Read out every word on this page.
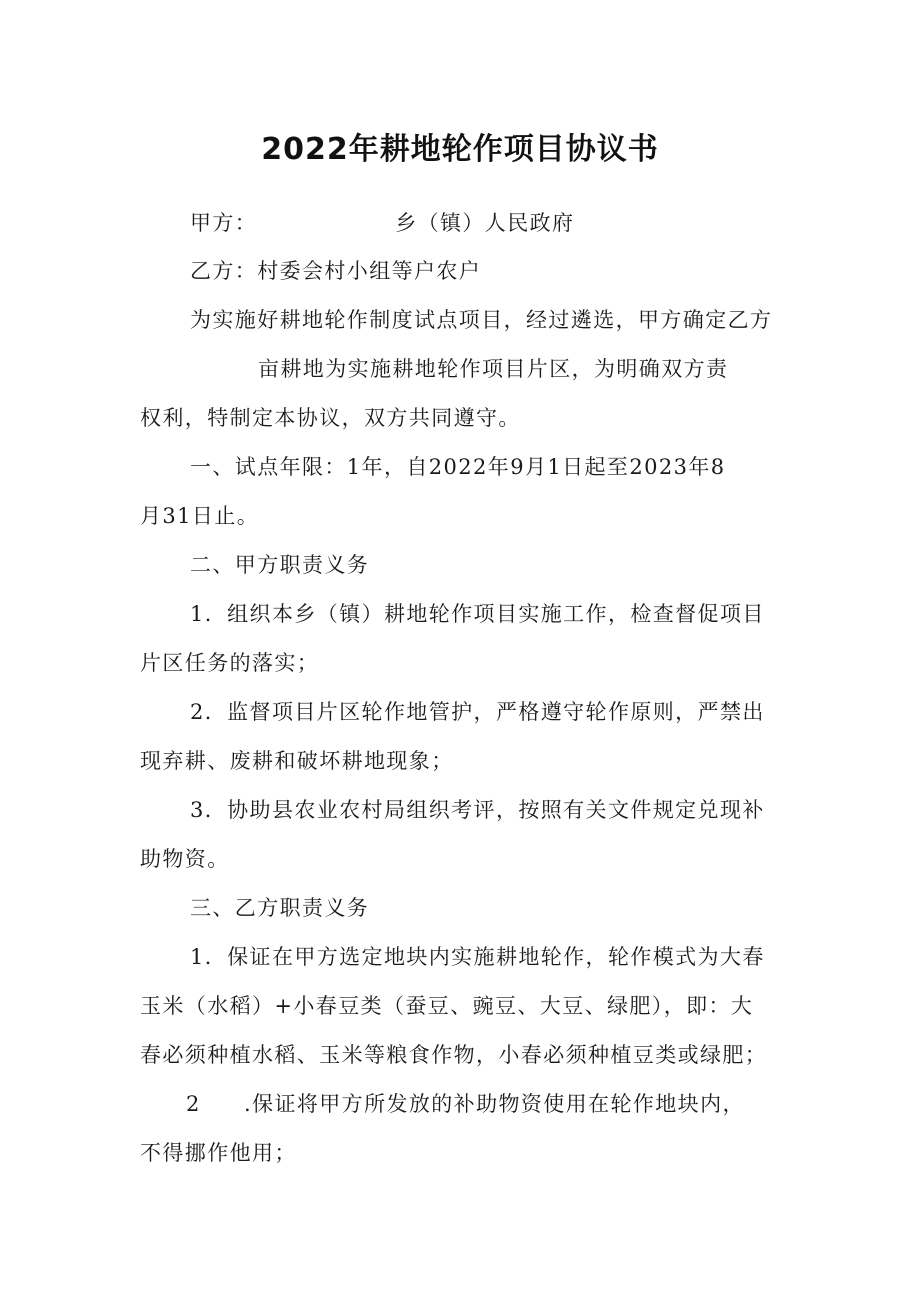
2022年耕地轮作项目协议书
甲方：	乡（镇）人民政府
乙方：村委会村小组等户农户
为实施好耕地轮作制度试点项目，经过遴选，甲方确定乙方
亩耕地为实施耕地轮作项目片区，为明确双方责
权利，特制定本协议，双方共同遵守。
一、试点年限：1年，自2022年9月1日起至2023年8
月31日止。
二、甲方职责义务
1．组织本乡（镇）耕地轮作项目实施工作，检查督促项目
片区任务的落实；
2．监督项目片区轮作地管护，严格遵守轮作原则，严禁出
现弃耕、废耕和破坏耕地现象；
3．协助县农业农村局组织考评，按照有关文件规定兑现补
助物资。
三、乙方职责义务
1．保证在甲方选定地块内实施耕地轮作，轮作模式为大春
玉米（水稻）+小春豆类（蚕豆、豌豆、大豆、绿肥），即：大
春必须种植水稻、玉米等粮食作物，小春必须种植豆类或绿肥；
2 .保证将甲方所发放的补助物资使用在轮作地块内，
不得挪作他用；
